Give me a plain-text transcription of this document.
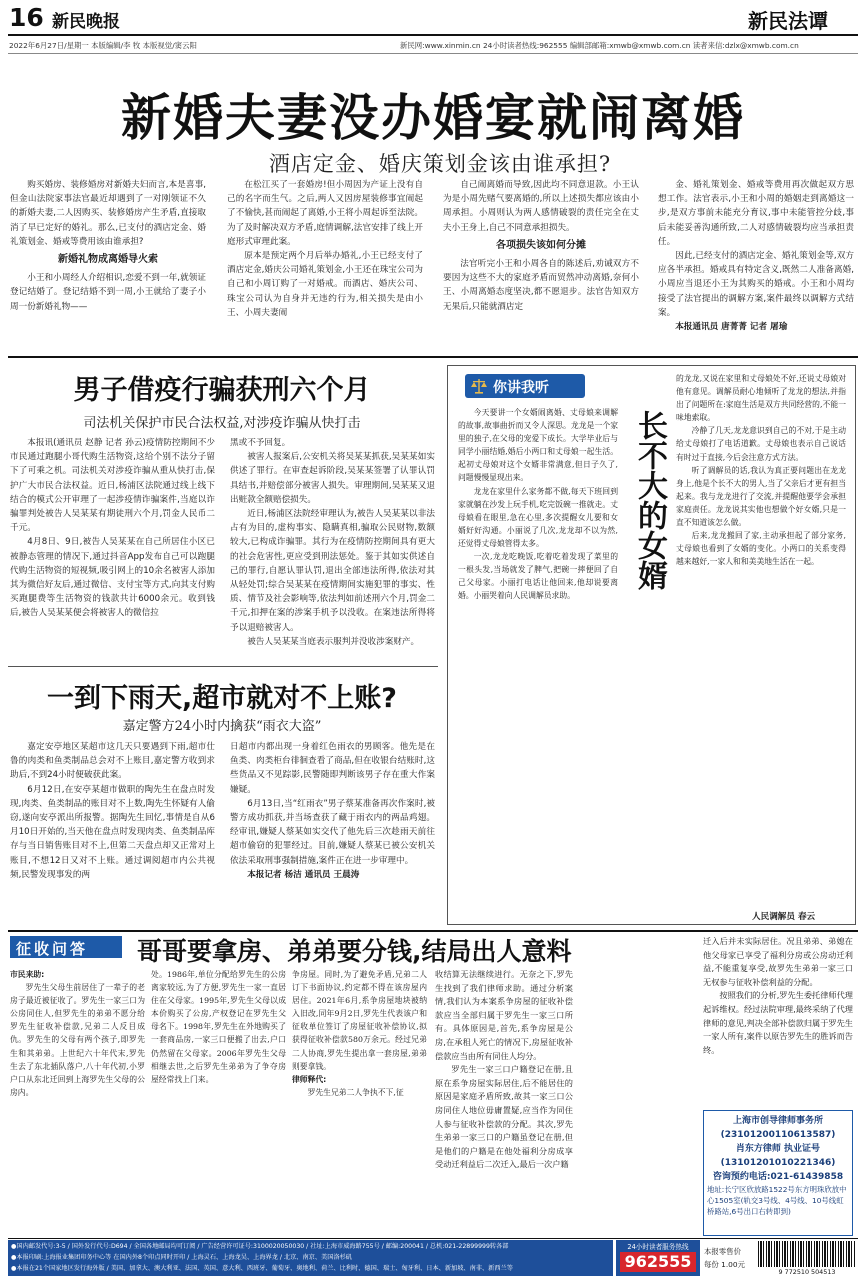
16 新民晚报	新民法谭
2022年6月27日/星期一 本版编辑/李 牧 本版视觉/窦云阳	新民网:www.xinmin.cn 24小时读者热线:962555 编辑部邮箱:xmwb@xmwb.com.cn 读者来信:dzlx@xmwb.com.cn
新婚夫妻没办婚宴就闹离婚
酒店定金、婚庆策划金该由谁承担?

购买婚房、装修婚房对新婚夫妇而言,本是喜事,但金山法院家事法官最近却遇到了一对刚领证不久的新婚夫妻,二人因购买、装修婚房产生矛盾,直接取消了早已定好的婚礼。那么,已支付的酒店定金、婚礼策划金、婚戒等费用该由谁承担?

新婚礼物成离婚导火索

小王和小周经人介绍相识,恋爱不到一年,就领证登记结婚了。登记结婚不到一周,小王就给了妻子小周一份新婚礼物——

在松江买了一套婚房!但小周因为产证上没有自己的名字而生气。之后,两人又因房屋装修事宜闹起了不愉快,甚而闹起了离婚,小王将小周起诉至法院。为了及时解决双方矛盾,庭情调解,法官安排了线上开庭形式审理此案。

原本是预定两个月后举办婚礼,小王已经支付了酒店定金,婚庆公司婚礼策划金,小王还在珠宝公司为自己和小周订购了一对婚戒。而酒店、婚庆公司、珠宝公司认为自身并无违约行为,相关损失是由小王、小周夫妻闹

自己闹离婚而导致,因此均不同意退款。小王认为是小周先赌气要离婚的,所以上述损失都应该由小周承担。小周则认为两人感情破裂的责任完全在丈夫小王身上,自己不同意承担损失。

各项损失该如何分摊

法官听完小王和小周各自的陈述后,劝诫双方不要因为这些不大的家庭矛盾而贸然冲动离婚,奈何小王、小周离婚态度坚决,都不愿退步。法官告知双方无果后,只能就酒店定

金、婚礼策划金、婚戒等费用再次做起双方思想工作。法官表示,小王和小周的婚姻走到离婚这一步,是双方事前未能充分育议,事中未能管控分歧,事后未能妥善沟通所致,二人对感情破裂均应当承担责任。

因此,已经支付的酒店定金、婚礼策划金等,双方应各半承担。婚戒具有特定含义,既然二人准备离婚,小周应当退还小王为其购买的婚戒。小王和小周均接受了法官提出的调解方案,案件最终以调解方式结案。

本报通讯员 唐菁菁 记者 屠瑜

男子借疫行骗获刑六个月
司法机关保护市民合法权益,对涉疫诈骗从快打击

本报讯(通讯员 赵静 记者 孙云)疫情防控期间不少市民通过跑腿小哥代购生活物资,这给个别不法分子留下了可乘之机。司法机关对涉疫诈骗从重从快打击,保护广大市民合法权益。近日,杨浦区法院通过线上线下结合的模式公开审理了一起涉疫情诈骗案件,当庭以诈骗罪判处被告人吴某某有期徒刑六个月,罚金人民币二千元。

4月8日、9日,被告人吴某某在自己所居住小区已被静态管理的情况下,通过抖音App发布自己可以跑腿代购生活物资的短视频,吸引网上的10余名被害人添加其为微信好友后,通过微信、支付宝等方式,向其支付购买跑腿费等生活物资的钱款共计6000余元。收到钱后,被告人吴某某便会将被害人的微信拉

黑或不予回复。

被害人报案后,公安机关将吴某某抓获,吴某某如实供述了罪行。在审查起诉阶段,吴某某签署了认罪认罚具结书,并赔偿部分被害人损失。审理期间,吴某某又退出赃款全额赔偿损失。

近日,杨浦区法院经审理认为,被告人吴某某以非法占有为目的,虚构事实、隐瞒真相,骗取公民财物,数额较大,已构成诈骗罪。其行为在疫情防控期间具有更大的社会危害性,更应受到刑法惩处。鉴于其如实供述自己的罪行,自愿认罪认罚,退出全部违法所得,依法对其从轻处罚;综合吴某某在疫情期间实施犯罪的事实、性质、情节及社会影响等,依法判如前述刑六个月,罚金二千元,扣押在案的涉案手机予以没收。在案违法所得将予以退赔被害人。

被告人吴某某当庭表示服判并没收涉案财产。

一到下雨天,超市就对不上账?
嘉定警方24小时内擒获“雨衣大盗”

嘉定安亭地区某超市这几天只要遇到下雨,超市仕鲁的肉类和鱼类制品总会对不上账目,嘉定警方收到求助后,不到24小时便破获此案。

6月12日,在安亭某超市做职的陶先生在盘点时发现,肉类、鱼类制品的账目对不上数,陶先生怀疑有人偷窃,遂向安亭派出所报警。据陶先生回忆,事情是自从6月10日开始的,当天他在盘点时发现肉类、鱼类制品库存与当日销售账目对不上,但第二天盘点却又正常对上账目,不想12日又对不上账。通过调阅超市内公共视频,民警发现事发的两

日超市内都出现一身着红色雨衣的男顾客。他先是在鱼类、肉类柜台徘徊查看了商品,但在收银台结账时,这些货品又不见踪影,民警随即判断该男子存在重大作案嫌疑。

6月13日,当“红雨衣”男子蔡某准备再次作案时,被警方成功抓获,并当场查获了藏于雨衣内的两品鸡翅。经审讯,嫌疑人蔡某如实交代了他先后三次趁雨天前往超市偷窃的犯罪经过。目前,嫌疑人蔡某已被公安机关依法采取刑事强制措施,案件正在进一步审理中。

本报记者 杨洁 通讯员 王晨涛

你讲我听

今天要讲一个女婿闹离婚、丈母娘来调解的故事,故事曲折而又令人深思。龙龙是一个家里的独子,在父母的宠爱下成长。大学毕业后与同学小丽结婚,婚后小两口和丈母娘一起生活。起初丈母娘对这个女婿非常满意,但日子久了,问题慢慢显现出来。

龙龙在家里什么家务都不做,每天下班回到家就躺在沙发上玩手机,吃完饭碗一推就走。丈母娘看在眼里,急在心里,多次提醒女儿要和女婿好好沟通。小丽说了几次,龙龙却不以为然,还觉得丈母娘管得太多。

一次,龙龙吃晚饭,吃着吃着发现了菜里的一根头发,当场就发了脾气,把碗一摔便回了自己父母家。小丽打电话让他回来,他却说要离婚。小丽哭着向人民调解员求助。

长不大的女婿

的龙龙,又说在家里和丈母娘处不好,还说丈母娘对他有意见。调解员耐心地倾听了龙龙的想法,并指出了问题所在:家庭生活是双方共同经营的,不能一味地索取。

冷静了几天,龙龙意识到自己的不对,于是主动给丈母娘打了电话道歉。丈母娘也表示自己说话有时过于直接,今后会注意方式方法。

听了调解员的话,我认为真正要问题出在龙龙身上,他是个长不大的男人,当了父亲后才更有担当起来。我与龙龙进行了交流,并提醒他要学会承担家庭责任。龙龙说其实他也想做个好女婿,只是一直不知道该怎么做。

后来,龙龙搬回了家,主动承担起了部分家务,丈母娘也看到了女婿的变化。小两口的关系变得越来越好,一家人和和美美地生活在一起。

人民调解员 春云
征收问答 哥哥要拿房、弟弟要分钱,结局出人意料

市民来助:

罗先生父母生前居住了一辈子的老房子最近被征收了。罗先生一家三口为公房同住人,但罗先生的弟弟不愿分给罗先生征收补偿款,兄弟二人反目成仇。罗先生的父母有两个孩子,即罗先生和其弟弟。上世纪六十年代末,罗先生去了东北插队落户,八十年代初,小罗户口从东北迁回到上海罗先生父母的公房内。

处。1986年,单位分配给罗先生的公房离家较远,为了方便,罗先生一家一直居住在父母家。1995年,罗先生父母以成本价购买了公房,产权登记在罗先生父母名下。1998年,罗先生在外地购买了一套商品房,一家三口便搬了出去,户口仍然留在父母家。2006年罗先生父母相继去世,之后罗先生弟弟为了争夺房屋经常找上门来。

争房屋。同时,为了避免矛盾,兄弟二人订下书面协议,约定都不得在该房屋内居住。2021年6月,系争房屋地块被纳入旧改,同年9月2日,罗先生代表该户和征收单位签订了房屋征收补偿协议,拟获得征收补偿款580万余元。经过兄弟二人协商,罗先生提出拿一套房屋,弟弟则要拿钱。

律师释代:

罗先生兄弟二人争执不下,征

收结算无法继续进行。无奈之下,罗先生找到了我们律师求助。通过分析案情,我们认为本案系争房屋的征收补偿款应当全部归属于罗先生一家三口所有。具体原因是,首先,系争房屋是公房,在承租人死亡的情况下,房屋征收补偿款应当由所有同住人均分。

罗先生一家三口户籍登记在册,且原在系争房屋实际居住,后不能居住的原因是家庭矛盾所致,故其一家三口公房同住人地位毋庸置疑,应当作为同住人参与征收补偿款的分配。其次,罗先生弟弟一家三口的户籍虽登记在册,但是他们的户籍是在他处福利分房成享受动迁利益后二次迁入,最后一次户籍

迁入后并未实际居住。况且弟弟、弟媳在他父母家已享受了福利分房或公房动迁利益,不能重复享受,故罗先生弟弟一家三口无权参与征收补偿利益的分配。

按照我们的分析,罗先生委托律师代理起诉维权。经过法院审理,最终采纳了代理律师的意见,判决全部补偿款归属于罗先生一家人所有,案件以原告罗先生的胜诉而告终。

上海市创导律师事务所
(23101200110613587)
肖东方律师 执业证号
(13101201010221346)
咨询预约电话:021-61439858
地址:长宁区欣放路1522号东方明珠欣放中心1505室(轨交3号线、4号线、10号线虹桥路站,6号出口右转即到)
●国内邮发代号:3-5 / 国外发行代号:D694 / 全国各地邮局均可订阅 / 广告经营许可证号:3100020050030 / 社址:上海市威海路755号 / 邮编:200041 / 总机:021-22899999转各部
●本报印刷:上海报业集团印务中心等 在国内外8个印点同时开印 / 上海灵石、上海龙吴、上海界龙 / 北京、南京、美国洛杉矶
●本报在21个国家地区发行海外版 / 美国、加拿大、澳大利亚、法国、英国、意大利、西班牙、葡萄牙、奥地利、荷兰、比利时、德国、瑞士、匈牙利、日本、新加坡、南非、新西兰等
24小时读者服务热线
962555
本报零售价
每份 1.00元
9 772510 504513
